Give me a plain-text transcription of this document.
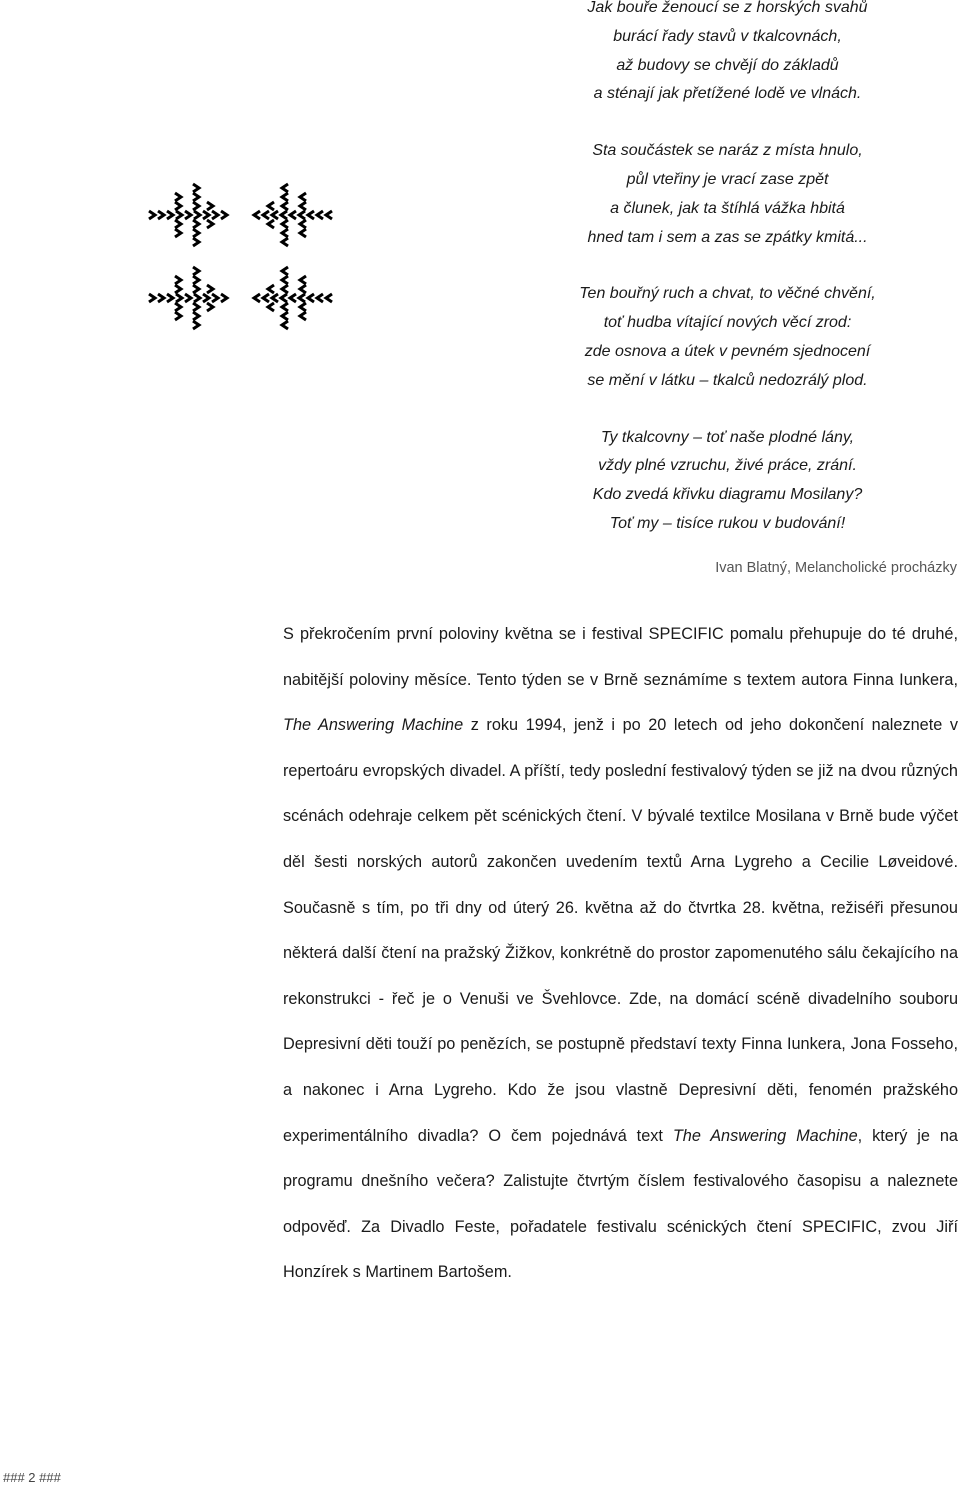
Jak bouře ženoucí se z horských svahů
burácí řady stavů v tkalcovnách,
až budovy se chvějí do základů
a sténají jak přetížené lodě ve vlnách.

Sta součástek se naráz z místa hnulo,
půl vteřiny je vrací zase zpět
a člunek, jak ta štíhlá vážka hbitá
hned tam i sem a zas se zpátky kmitá...

Ten bouřný ruch a chvat, to věčné chvění,
toť hudba vítající nových věcí zrod:
zde osnova a útek v pevném sjednocení
se mění v látku – tkalců nedozrálý plod.

Ty tkalcovny – toť naše plodné lány,
vždy plné vzruchu, živé práce, zrání.
Kdo zvedá křivku diagramu Mosilany?
Toť my – tisíce rukou v budování!

Ivan Blatný, Melancholické procházky

S překročením první poloviny května se i festival SPECIFIC pomalu přehupuje do té druhé, nabitější poloviny měsíce. Tento týden se v Brně seznámíme s textem autora Finna Iunkera, The Answering Machine z roku 1994, jenž i po 20 letech od jeho dokončení naleznete v repertoáru evropských divadel. A příští, tedy poslední festivalový týden se již na dvou různých scénách odehraje celkem pět scénických čtení. V bývalé textilce Mosilana v Brně bude výčet děl šesti norských autorů zakončen uvedením textů Arna Lygreho a Cecilie Løveidové. Současně s tím, po tři dny od úterý 26. května až do čtvrtka 28. května, režiséři přesunou některá další čtení na pražský Žižkov, konkrétně do prostor zapomenutého sálu čekajícího na rekonstrukci - řeč je o Venuši ve Švehlovce. Zde, na domácí scéně divadelního souboru Depresivní děti touží po penězích, se postupně představí texty Finna Iunkera, Jona Fosseho, a nakonec i Arna Lygreho. Kdo že jsou vlastně Depresivní děti, fenomén pražského experimentálního divadla? O čem pojednává text The Answering Machine, který je na programu dnešního večera? Zalistujte čtvrtým číslem festivalového časopisu a naleznete odpověď. Za Divadlo Feste, pořadatele festivalu scénických čtení SPECIFIC, zvou Jiří Honzírek s Martinem Bartošem.

### 2 ###
